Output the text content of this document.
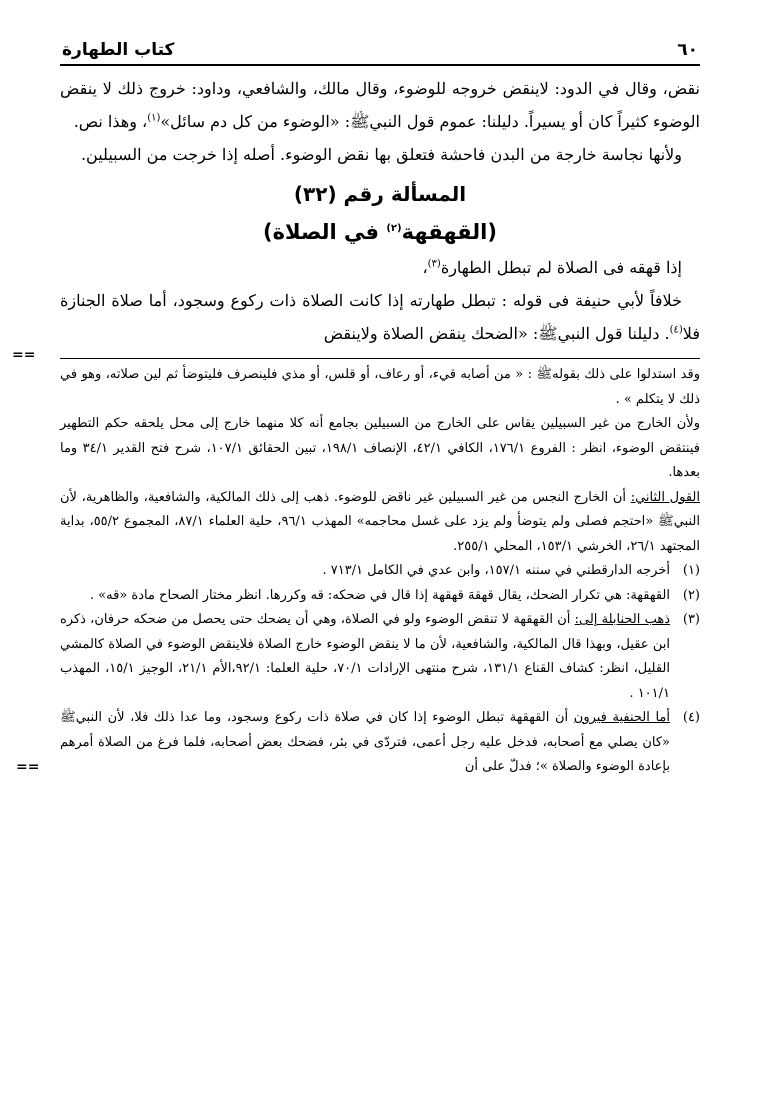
٦٠
كتاب الطهارة

نقض، وقال في الدود: لاينقض خروجه للوضوء، وقال مالك، والشافعي، وداود: خروج ذلك لا ينقض الوضوء كثيراً كان أو يسيراً. دليلنا: عموم قول النبيﷺ: «الوضوء من كل دم سائل»$^{(١)}$، وهذا نص.

ولأنها نجاسة خارجة من البدن فاحشة فتعلق بها نقض الوضوء. أصله إذا خرجت من السبيلين.

المسألة رقم (٣٢)
(القهقهة$^{(٢)}$ في الصلاة)

إذا قهقه فى الصلاة لم تبطل الطهارة$^{(٣)}$،

خلافاً لأبي حنيفة فى قوله : تبطل طهارته إذا كانت الصلاة ذات ركوع وسجود، أما صلاة الجنازة فلا$^{(٤)}$. دليلنا قول النبيﷺ: «الضحك ينقض الصلاة ولاينقض

==

وقد استدلوا على ذلك بقولهﷺ : « من أصابه قيء، أو رعاف، أو قلس، أو مذي فلينصرف فليتوضأ ثم لين صلاته، وهو في ذلك لا يتكلم » .

ولأن الخارج من غير السبيلين يقاس على الخارج من السبيلين بجامع أنه كلا منهما خارج إلى محل يلحقه حكم التطهير فينتقض الوضوء، انظر : الفروع ١٧٦/١، الكافي ٤٢/١، الإنصاف ١٩٨/١، تبين الحقائق ١٠٧/١، شرح فتح القدير ٣٤/١ وما بعدها.

القول الثاني: أن الخارج النجس من غير السبيلين غير ناقض للوضوء. ذهب إلى ذلك المالكية، والشافعية، والظاهرية، لأن النبيﷺ «احتجم فصلى ولم يتوضأ ولم يزد على غسل محاجمه» المهذب ٩٦/١، حلية العلماء ٨٧/١، المجموع ٥٥/٢، بداية المجتهد ٢٦/١، الخرشي ١٥٣/١، المحلي ٢٥٥/١.

(١)
أخرجه الدارقطني في سننه ١٥٧/١، وابن عدي في الكامل ٧١٣/١ .

(٢)
القهقهة: هي تكرار الضحك، يقال قهقهَ قهقهة إذا قال في ضحكه: قه وكررها. انظر مختار الصحاح مادة «قه» .

(٣)
ذهب الحنابلة إلى: أن القهقهة لا تنقض الوضوء ولو في الصلاة، وهي أن يضحك حتى يحصل من ضحكه حرفان، ذكره ابن عقيل، وبهذا قال المالكية، والشافعية، لأن ما لا ينقض الوضوء خارج الصلاة فلاينقض الوضوء في الصلاة كالمشي القليل، انظر: كشاف القناع ١٣١/١، شرح منتهى الإرادات ٧٠/١، حلية العلما: ٩٢/١،الأم ٢١/١، الوجيز ١٥/١، المهذب ١٠١/١ .

(٤)
أما الحنفية فيرون أن القهقهة تبطل الوضوء إذا كان في صلاة ذات ركوع وسجود، وما عدا ذلك فلا، لأن النبيﷺ «كان يصلي مع أصحابه، فدخل عليه رجل أعمى، فتردّى في بئر، فضحك بعض أصحابه، فلما فرغ من الصلاة أمرهم بإعادة الوضوء والصلاة »؛ فدلّ على أن
==
